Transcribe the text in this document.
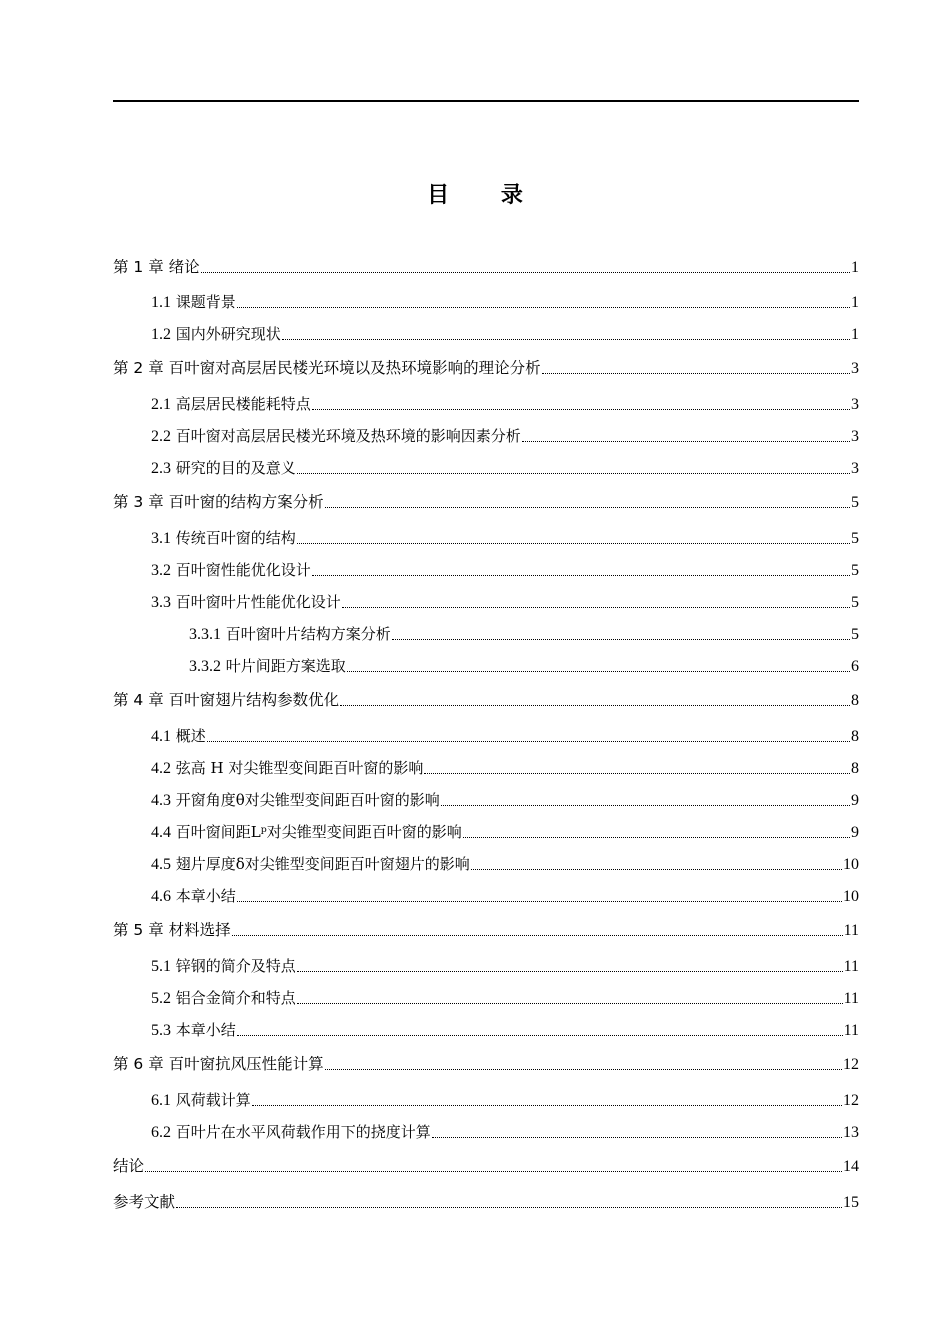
目 录
第 1 章 绪论	1
1.1 课题背景	1
1.2 国内外研究现状	1
第 2 章 百叶窗对高层居民楼光环境以及热环境影响的理论分析	3
2.1 高层居民楼能耗特点	3
2.2 百叶窗对高层居民楼光环境及热环境的影响因素分析	3
2.3 研究的目的及意义	3
第 3 章 百叶窗的结构方案分析	5
3.1 传统百叶窗的结构	5
3.2 百叶窗性能优化设计	5
3.3 百叶窗叶片性能优化设计	5
3.3.1 百叶窗叶片结构方案分析	5
3.3.2 叶片间距方案选取	6
第 4 章 百叶窗翅片结构参数优化	8
4.1 概述	8
4.2 弦高 H 对尖锥型变间距百叶窗的影响	8
4.3 开窗角度θ对尖锥型变间距百叶窗的影响	9
4.4 百叶窗间距Lᵖ对尖锥型变间距百叶窗的影响	9
4.5 翅片厚度δ对尖锥型变间距百叶窗翅片的影响	10
4.6 本章小结	10
第 5 章 材料选择	11
5.1 锌钢的简介及特点	11
5.2 铝合金简介和特点	11
5.3 本章小结	11
第 6 章 百叶窗抗风压性能计算	12
6.1 风荷载计算	12
6.2 百叶片在水平风荷载作用下的挠度计算	13
结论	14
参考文献	15
